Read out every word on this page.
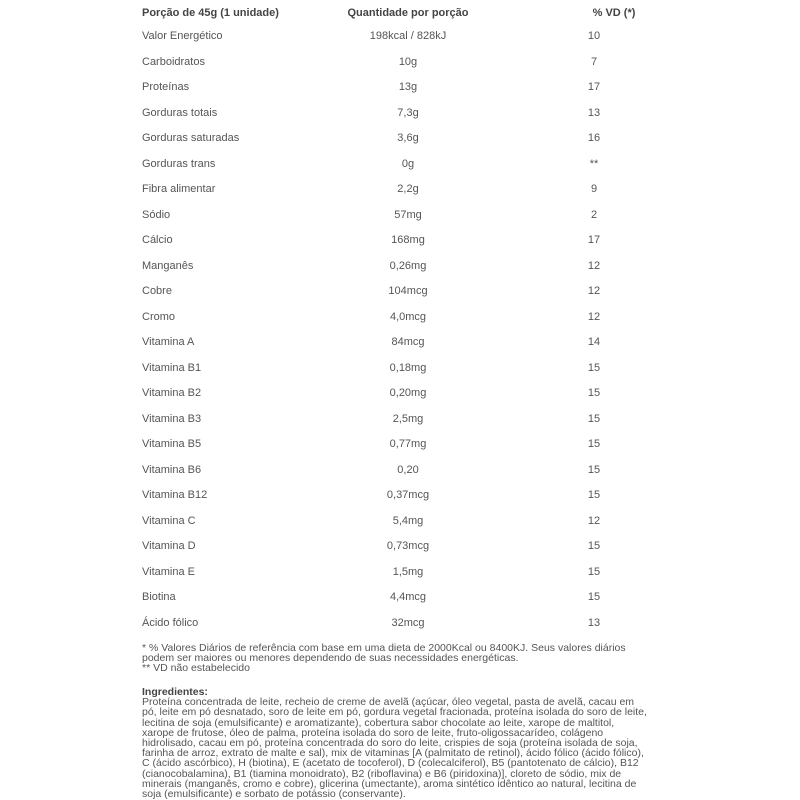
Porção de 45g (1 unidade)	Quantidade por porção	% VD (*)
Valor Energético	198kcal / 828kJ	10
Carboidratos	10g	7
Proteínas	13g	17
Gorduras totais	7,3g	13
Gorduras saturadas	3,6g	16
Gorduras trans	0g	**
Fibra alimentar	2,2g	9
Sódio	57mg	2
Cálcio	168mg	17
Manganês	0,26mg	12
Cobre	104mcg	12
Cromo	4,0mcg	12
Vitamina A	84mcg	14
Vitamina B1	0,18mg	15
Vitamina B2	0,20mg	15
Vitamina B3	2,5mg	15
Vitamina B5	0,77mg	15
Vitamina B6	0,20	15
Vitamina B12	0,37mcg	15
Vitamina C	5,4mg	12
Vitamina D	0,73mcg	15
Vitamina E	1,5mg	15
Biotina	4,4mcg	15
Ácido fólico	32mcg	13
* % Valores Diários de referência com base em uma dieta de 2000Kcal ou 8400KJ. Seus valores diários
podem ser maiores ou menores dependendo de suas necessidades energéticas.
** VD não estabelecido
Ingredientes:
Proteína concentrada de leite, recheio de creme de avelã (açúcar, óleo vegetal, pasta de avelã, cacau em pó, leite em pó desnatado, soro de leite em pó, gordura vegetal fracionada, proteína isolada do soro de leite, lecitina de soja (emulsificante) e aromatizante), cobertura sabor chocolate ao leite, xarope de maltitol, xarope de frutose, óleo de palma, proteína isolada do soro de leite, fruto-oligossacarídeo, colágeno hidrolisado, cacau em pó, proteína concentrada do soro do leite, crispies de soja (proteína isolada de soja, farinha de arroz, extrato de malte e sal), mix de vitaminas [A (palmitato de retinol), ácido fólico (ácido fólico), C (ácido ascórbico), H (biotina), E (acetato de tocoferol), D (colecalciferol), B5 (pantotenato de cálcio), B12 (cianocobalamina), B1 (tiamina monoidrato), B2 (riboflavina) e B6 (piridoxina)], cloreto de sódio, mix de minerais (manganês, cromo e cobre), glicerina (umectante), aroma sintético idêntico ao natural, lecitina de soja (emulsificante) e sorbato de potássio (conservante).
